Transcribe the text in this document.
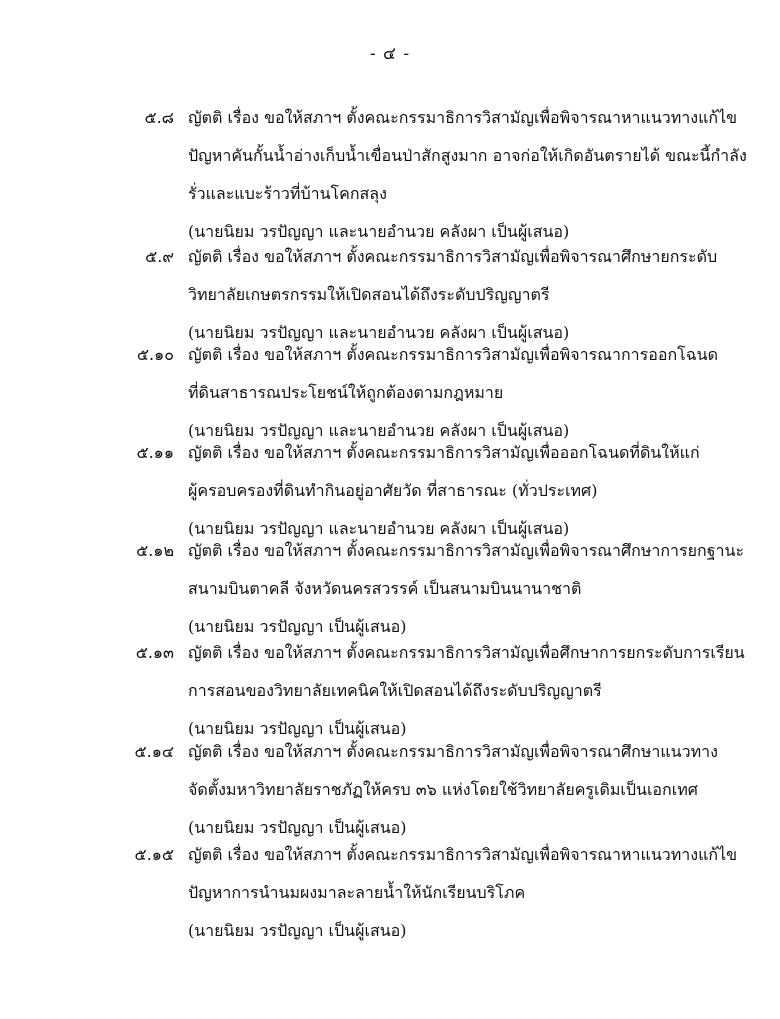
- ๔ -
๕.๘ ญัตติ เรื่อง ขอให้สภาฯ ตั้งคณะกรรมาธิการวิสามัญเพื่อพิจารณาหาแนวทางแก้ไข
ปัญหาคันกั้นน้ำอ่างเก็บน้ำเขื่อนป่าสักสูงมาก อาจก่อให้เกิดอันตรายได้ ขณะนี้กำลัง
รั่วและแบะร้าวที่บ้านโคกสลุง
(นายนิยม วรปัญญา และนายอำนวย คลังผา เป็นผู้เสนอ)
๕.๙ ญัตติ เรื่อง ขอให้สภาฯ ตั้งคณะกรรมาธิการวิสามัญเพื่อพิจารณาศึกษายกระดับ
วิทยาลัยเกษตรกรรมให้เปิดสอนได้ถึงระดับปริญญาตรี
(นายนิยม วรปัญญา และนายอำนวย คลังผา เป็นผู้เสนอ)
๕.๑๐ ญัตติ เรื่อง ขอให้สภาฯ ตั้งคณะกรรมาธิการวิสามัญเพื่อพิจารณาการออกโฉนด
ที่ดินสาธารณประโยชน์ให้ถูกต้องตามกฎหมาย
(นายนิยม วรปัญญา และนายอำนวย คลังผา เป็นผู้เสนอ)
๕.๑๑ ญัตติ เรื่อง ขอให้สภาฯ ตั้งคณะกรรมาธิการวิสามัญเพื่อออกโฉนดที่ดินให้แก่
ผู้ครอบครองที่ดินทำกินอยู่อาศัยวัด ที่สาธารณะ (ทั่วประเทศ)
(นายนิยม วรปัญญา และนายอำนวย คลังผา เป็นผู้เสนอ)
๕.๑๒ ญัตติ เรื่อง ขอให้สภาฯ ตั้งคณะกรรมาธิการวิสามัญเพื่อพิจารณาศึกษาการยกฐานะ
สนามบินตาคลี จังหวัดนครสวรรค์ เป็นสนามบินนานาชาติ
(นายนิยม วรปัญญา เป็นผู้เสนอ)
๕.๑๓ ญัตติ เรื่อง ขอให้สภาฯ ตั้งคณะกรรมาธิการวิสามัญเพื่อศึกษาการยกระดับการเรียน
การสอนของวิทยาลัยเทคนิคให้เปิดสอนได้ถึงระดับปริญญาตรี
(นายนิยม วรปัญญา เป็นผู้เสนอ)
๕.๑๔ ญัตติ เรื่อง ขอให้สภาฯ ตั้งคณะกรรมาธิการวิสามัญเพื่อพิจารณาศึกษาแนวทาง
จัดตั้งมหาวิทยาลัยราชภัฏให้ครบ ๓๖ แห่งโดยใช้วิทยาลัยครูเดิมเป็นเอกเทศ
(นายนิยม วรปัญญา เป็นผู้เสนอ)
๕.๑๕ ญัตติ เรื่อง ขอให้สภาฯ ตั้งคณะกรรมาธิการวิสามัญเพื่อพิจารณาหาแนวทางแก้ไข
ปัญหาการนำนมผงมาละลายน้ำให้นักเรียนบริโภค
(นายนิยม วรปัญญา เป็นผู้เสนอ)
